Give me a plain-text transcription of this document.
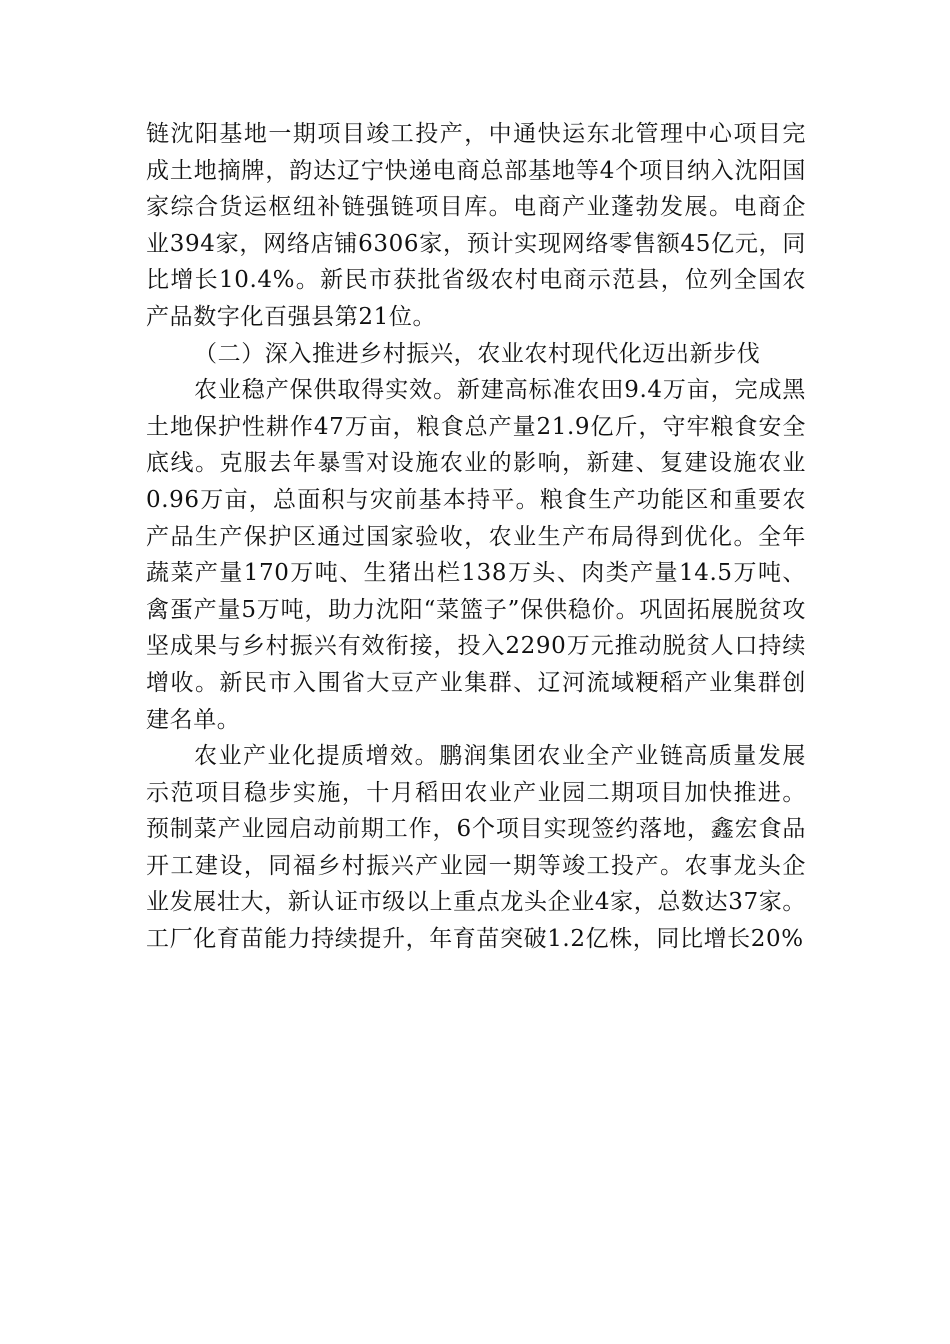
链沈阳基地一期项目竣工投产，中通快运东北管理中心项目完成土地摘牌，韵达辽宁快递电商总部基地等4个项目纳入沈阳国家综合货运枢纽补链强链项目库。电商产业蓬勃发展。电商企业394家，网络店铺6306家，预计实现网络零售额45亿元，同比增长10.4%。新民市获批省级农村电商示范县，位列全国农产品数字化百强县第21位。

（二）深入推进乡村振兴，农业农村现代化迈出新步伐

农业稳产保供取得实效。新建高标准农田9.4万亩，完成黑土地保护性耕作47万亩，粮食总产量21.9亿斤，守牢粮食安全底线。克服去年暴雪对设施农业的影响，新建、复建设施农业0.96万亩，总面积与灾前基本持平。粮食生产功能区和重要农产品生产保护区通过国家验收，农业生产布局得到优化。全年蔬菜产量170万吨、生猪出栏138万头、肉类产量14.5万吨、禽蛋产量5万吨，助力沈阳“菜篮子”保供稳价。巩固拓展脱贫攻坚成果与乡村振兴有效衔接，投入2290万元推动脱贫人口持续增收。新民市入围省大豆产业集群、辽河流域粳稻产业集群创建名单。

农业产业化提质增效。鹏润集团农业全产业链高质量发展示范项目稳步实施，十月稻田农业产业园二期项目加快推进。预制菜产业园启动前期工作，6个项目实现签约落地，鑫宏食品开工建设，同福乡村振兴产业园一期等竣工投产。农事龙头企业发展壮大，新认证市级以上重点龙头企业4家，总数达37家。工厂化育苗能力持续提升，年育苗突破1.2亿株，同比增长20%
